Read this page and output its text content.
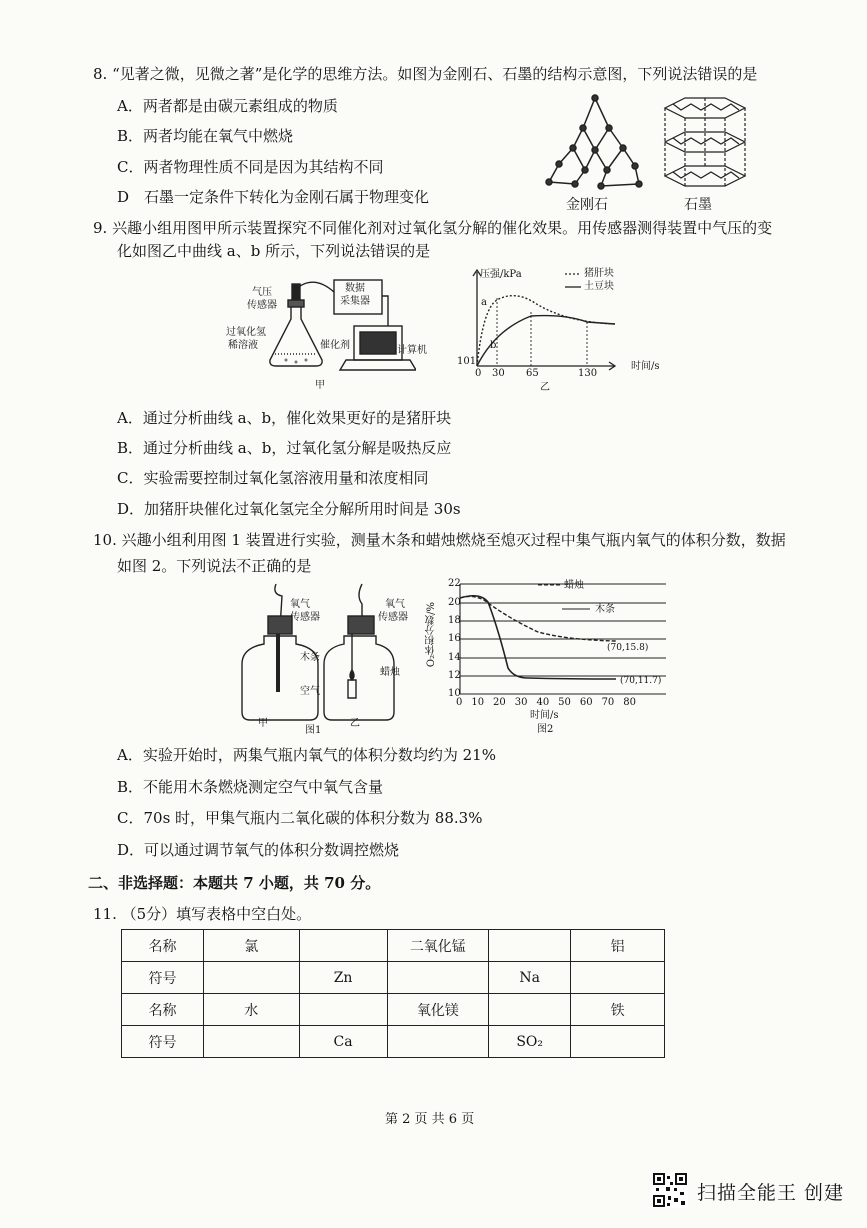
8. “见著之微，见微之著”是化学的思维方法。如图为金刚石、石墨的结构示意图，下列说法错误的是
A．两者都是由碳元素组成的物质
B．两者均能在氧气中燃烧
C．两者物理性质不同是因为其结构不同
D　石墨一定条件下转化为金刚石属于物理变化	金刚石	石墨
9. 兴趣小组用图甲所示装置探究不同催化剂对过氧化氢分解的催化效果。用传感器测得装置中气压的变
化如图乙中曲线 a、b 所示，下列说法错误的是
气压
传感器
数据
采集器
过氧化氢
稀溶液	催化剂	计算机
甲
压强/kPa	猪肝块
土豆块
a
b
101
0 30 65	130
时间/s
乙
A．通过分析曲线 a、b，催化效果更好的是猪肝块
B．通过分析曲线 a、b，过氧化氢分解是吸热反应
C．实验需要控制过氧化氢溶液用量和浓度相同
D．加猪肝块催化过氧化氢完全分解所用时间是 30s
10. 兴趣小组利用图 1 装置进行实验，测量木条和蜡烛燃烧至熄灭过程中集气瓶内氧气的体积分数，数据
如图 2。下列说法不正确的是
氧气
传感器
氧气
传感器
木条
蜡烛
空气
甲	乙
图1
22
20
18
16
14
12
10
O₂体积分数/%
蜡烛
木条
(70,15.8)
(70,11.7)
0 10 20 30 40 50 60 70 80
时间/s
图2
A．实验开始时，两集气瓶内氧气的体积分数均约为 21%
B．不能用木条燃烧测定空气中氧气含量
C．70s 时，甲集气瓶内二氧化碳的体积分数为 88.3%
D．可以通过调节氧气的体积分数调控燃烧
二、非选择题：本题共 7 小题，共 70 分。
11. （5分）填写表格中空白处。
名称	氯		二氧化锰		铝
符号		Zn		Na	
名称	水		氧化镁		铁
符号		Ca		SO₂	
第 2 页 共 6 页
扫描全能王 创建
